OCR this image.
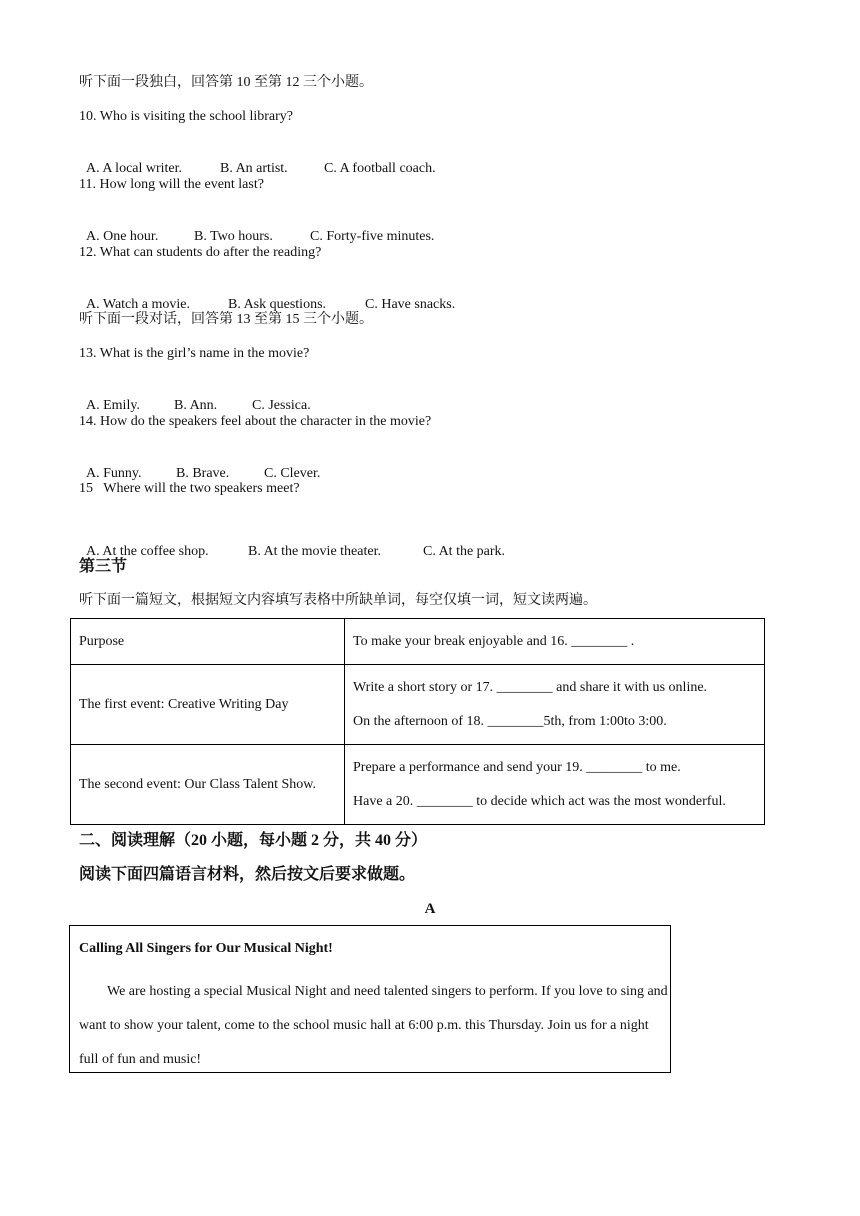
听下面一段独白，回答第 10 至第 12 三个小题。
10. Who is visiting the school library?

A. A local writer.	B. An artist.	C. A football coach.

11. How long will the event last?

A. One hour.	B. Two hours.	C. Forty-five minutes.

12. What can students do after the reading?

A. Watch a movie.	B. Ask questions.	C. Have snacks.

听下面一段对话，回答第 13 至第 15 三个小题。
13. What is the girl’s name in the movie?

A. Emily. B. Ann. C. Jessica.

14. How do the speakers feel about the character in the movie?

A. Funny. B. Brave. C. Clever.

15   Where will the two speakers meet?

A. At the coffee shop.	B. At the movie theater.	C. At the park.

第三节
听下面一篇短文，根据短文内容填写表格中所缺单词，每空仅填一词，短文读两遍。
Purpose	To make your break enjoyable and 16. ________ .

The first event: Creative Writing Day	Write a short story or 17. ________ and share it with us online.
On the afternoon of 18. ________5th, from 1:00to 3:00.

The second event: Our Class Talent Show.	Prepare a performance and send your 19. ________ to me.
Have a 20. ________ to decide which act was the most wonderful.
二、阅读理解（20 小题，每小题 2 分，共 40 分）
阅读下面四篇语言材料，然后按文后要求做题。
A
Calling All Singers for Our Musical Night!
We are hosting a special Musical Night and need talented singers to perform. If you love to sing and want to show your talent, come to the school music hall at 6:00 p.m. this Thursday. Join us for a night full of fun and music!
